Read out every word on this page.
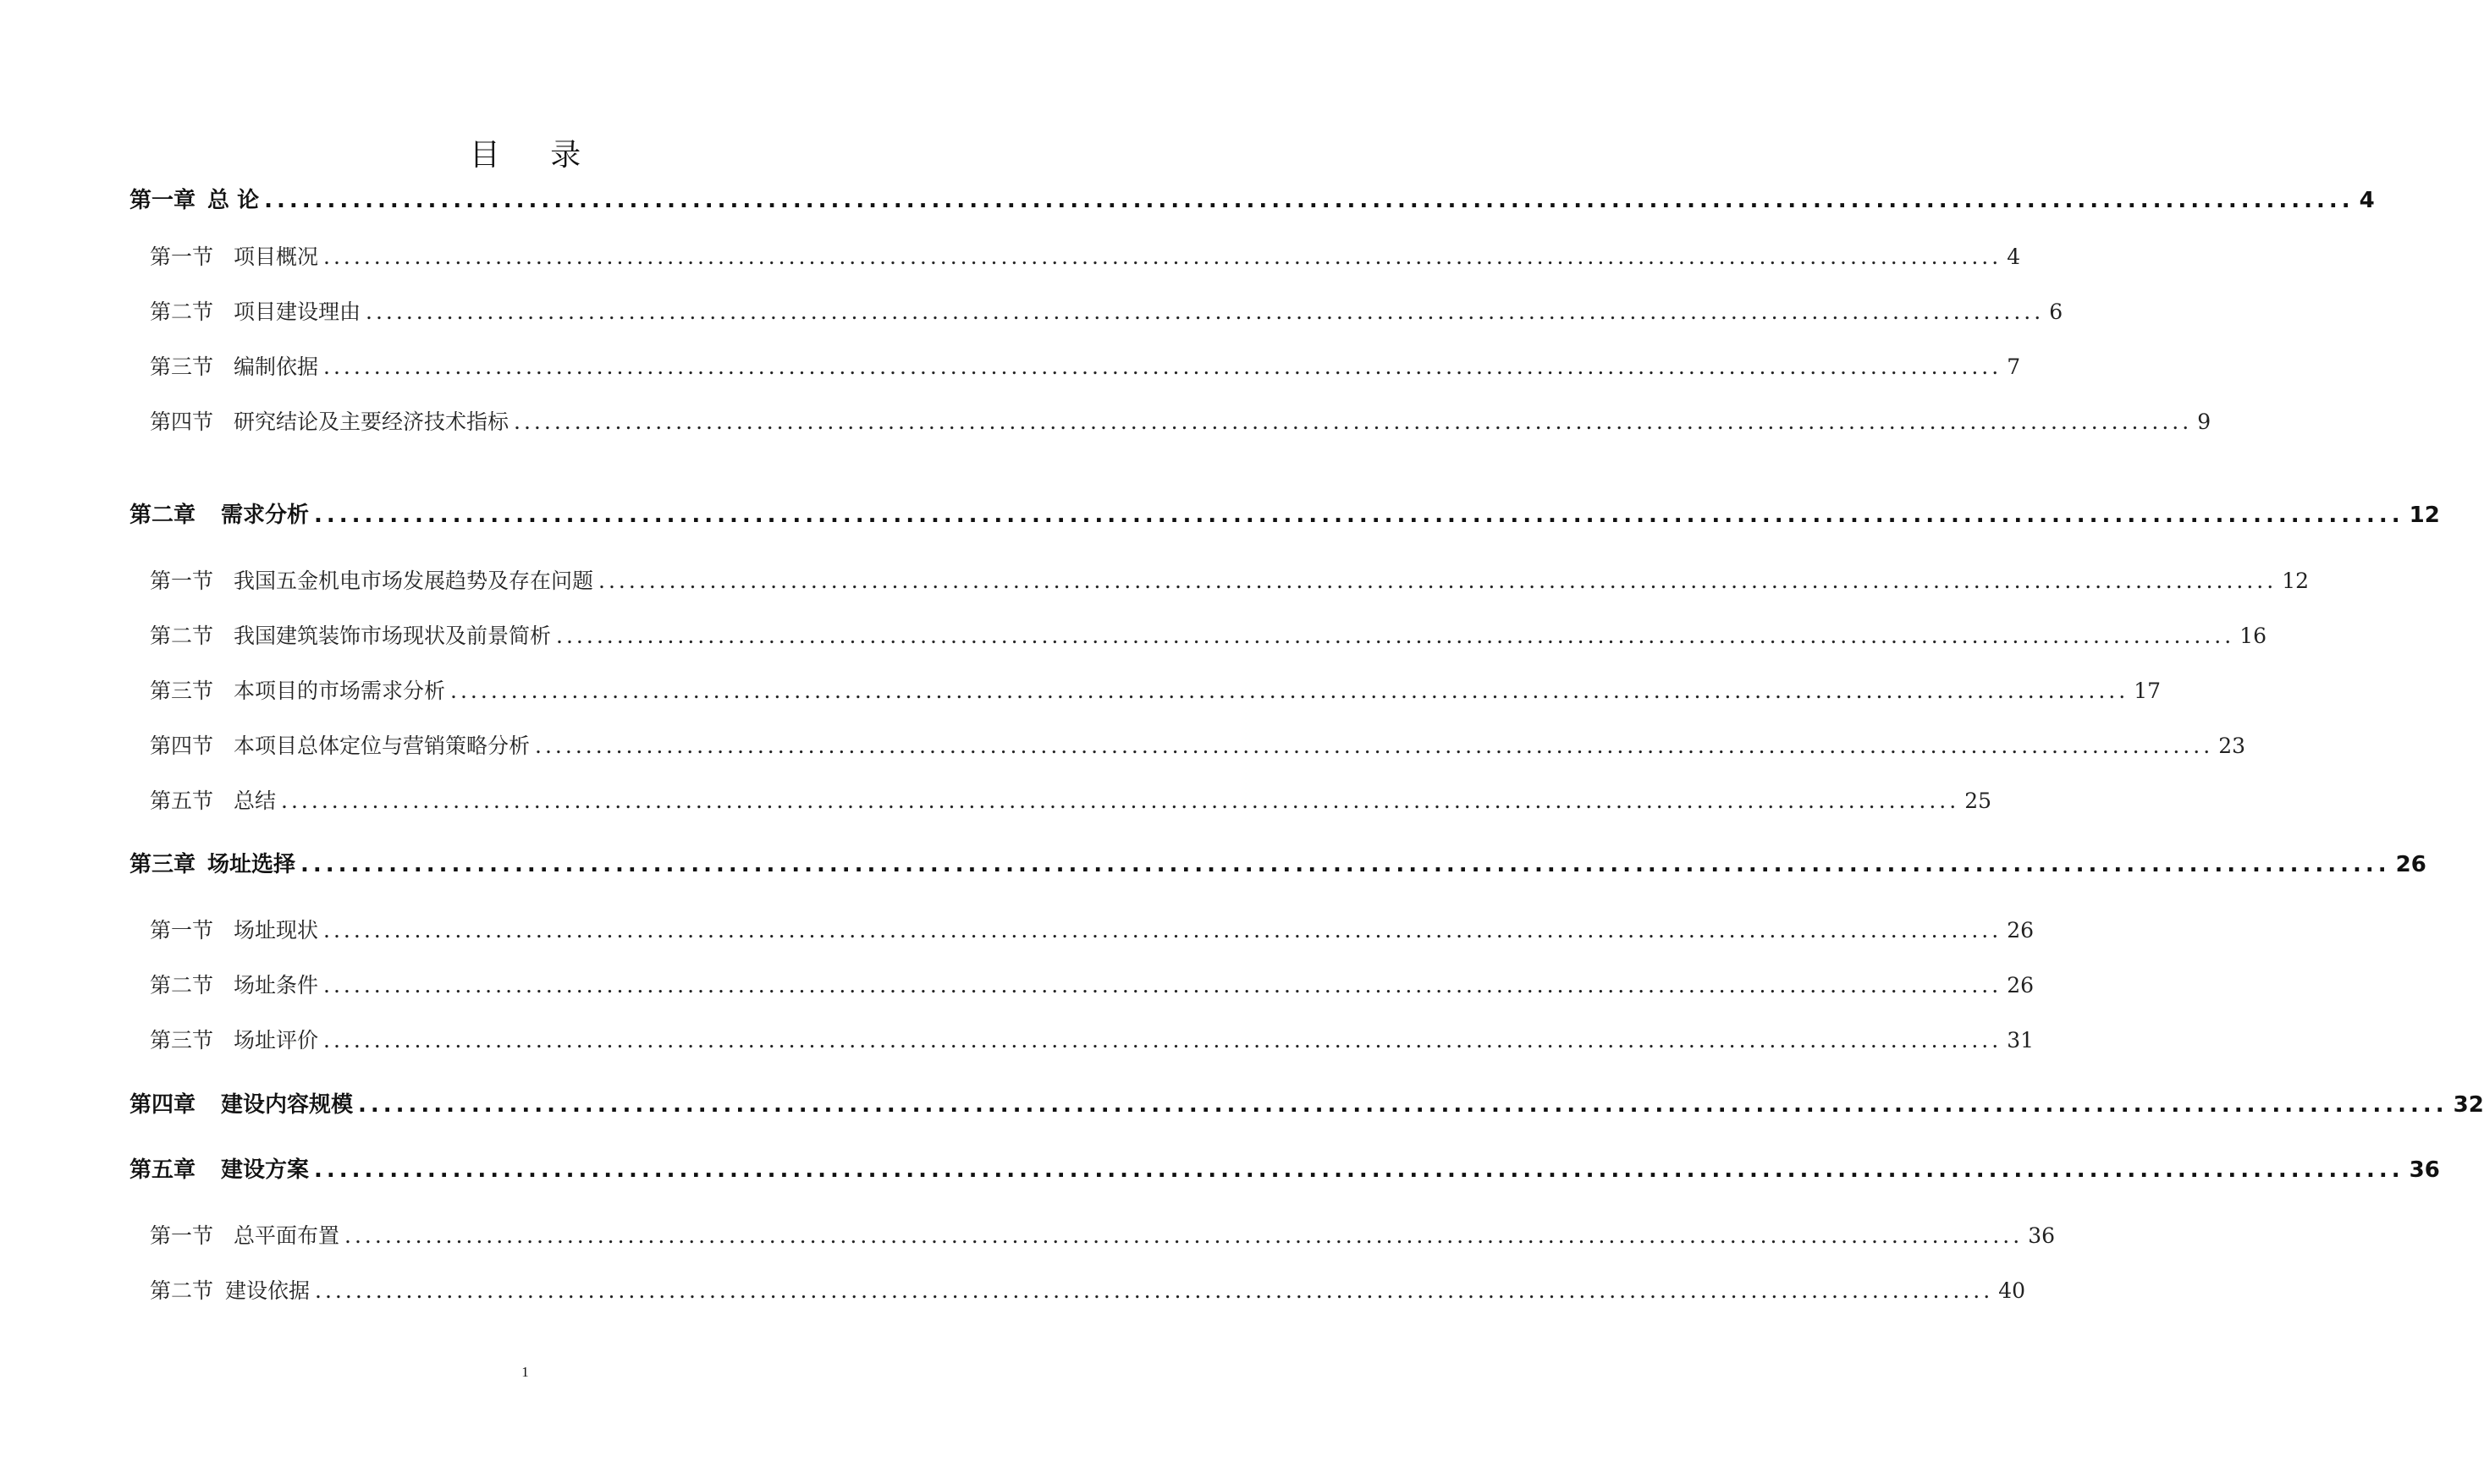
目 录
第一章 总 论 ...................................................................................................................................................................... 4
第一节 项目概况 ...................................................................................................................................................................... 4
第二节 项目建设理由 ...................................................................................................................................................................... 6
第三节 编制依据 ...................................................................................................................................................................... 7
第四节 研究结论及主要经济技术指标 ...................................................................................................................................................................... 9
第二章 需求分析 ...................................................................................................................................................................... 12
第一节 我国五金机电市场发展趋势及存在问题 ...................................................................................................................................................................... 12
第二节 我国建筑装饰市场现状及前景简析 ...................................................................................................................................................................... 16
第三节 本项目的市场需求分析 ...................................................................................................................................................................... 17
第四节 本项目总体定位与营销策略分析 ...................................................................................................................................................................... 23
第五节 总结 ...................................................................................................................................................................... 25
第三章 场址选择 ...................................................................................................................................................................... 26
第一节 场址现状 ...................................................................................................................................................................... 26
第二节 场址条件 ...................................................................................................................................................................... 26
第三节 场址评价 ...................................................................................................................................................................... 31
第四章 建设内容规模 ...................................................................................................................................................................... 32
第五章 建设方案 ...................................................................................................................................................................... 36
第一节 总平面布置 ...................................................................................................................................................................... 36
第二节 建设依据 ...................................................................................................................................................................... 40
1
